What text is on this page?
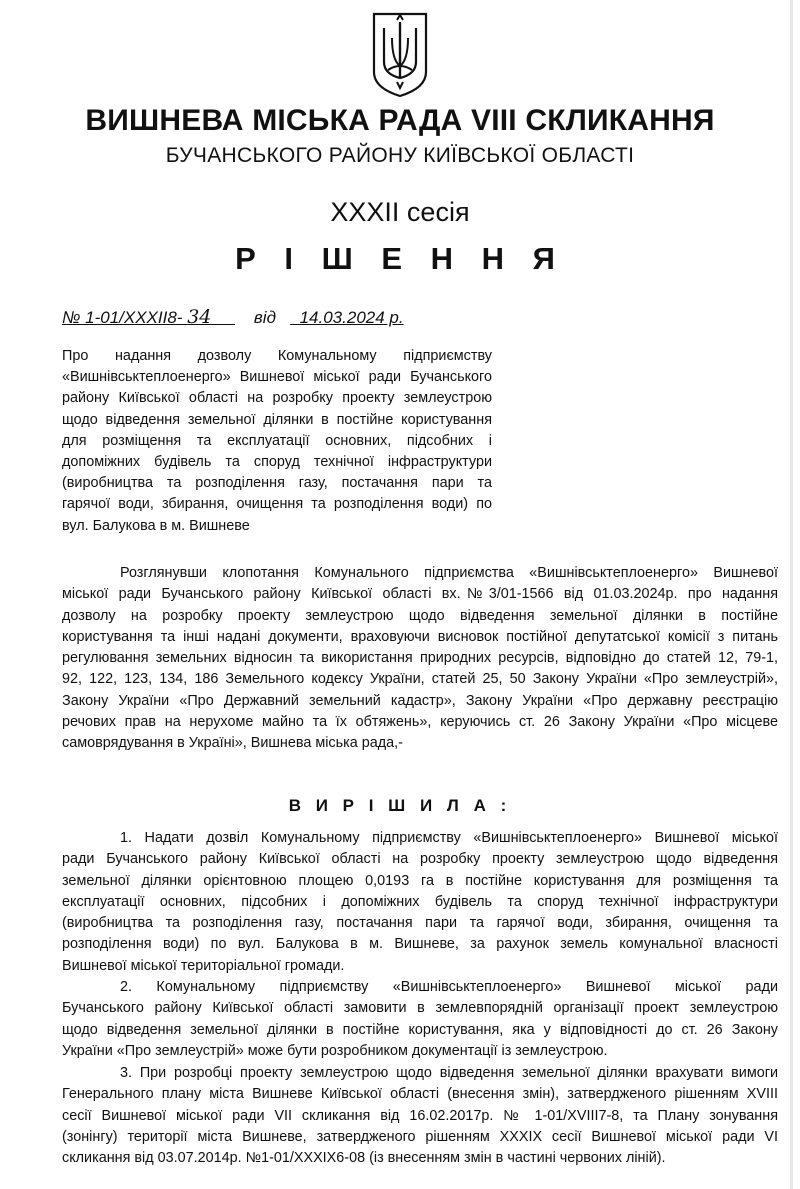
ВИШНЕВА МІСЬКА РАДА VIII СКЛИКАННЯ
БУЧАНСЬКОГО РАЙОНУ КИЇВСЬКОЇ ОБЛАСТІ
XXXII сесія
Р І Ш Е Н Н Я
№ 1-01/XXXII8- 34	від 14.03.2024 р.

Про надання дозволу Комунальному підприємству

«Вишнівськтеплоенерго» Вишневої міської ради Бучанського

району Київської області на розробку проекту землеустрою

щодо відведення земельної ділянки в постійне користування

для розміщення та експлуатації основних, підсобних і

допоміжних будівель та споруд технічної інфраструктури

(виробництва та розподілення газу, постачання пари та

гарячої води, збирання, очищення та розподілення води) по

вул. Балукова в м. Вишневе

Розглянувши клопотання Комунального підприємства «Вишнівськтеплоенерго» Вишневої

міської ради Бучанського району Київської області вх.№3/01-1566 від 01.03.2024р. про надання

дозволу на розробку проекту землеустрою щодо відведення земельної ділянки в постійне

користування та інші надані документи, враховуючи висновок постійної депутатської комісії з питань

регулювання земельних відносин та використання природних ресурсів, відповідно до статей 12, 79-1,

92, 122, 123, 134, 186 Земельного кодексу України, статей 25, 50 Закону України «Про землеустрій»,

Закону України «Про Державний земельний кадастр», Закону України «Про державну реєстрацію

речових прав на нерухоме майно та їх обтяжень», керуючись ст. 26 Закону України «Про місцеве

самоврядування в Україні», Вишнева міська рада,-

В И Р І Ш И Л А :

1. Надати дозвіл Комунальному підприємству «Вишнівськтеплоенерго» Вишневої міської

ради Бучанського району Київської області на розробку проекту землеустрою щодо відведення

земельної ділянки орієнтовною площею 0,0193 га в постійне користування для розміщення та

експлуатації основних, підсобних і допоміжних будівель та споруд технічної інфраструктури

(виробництва та розподілення газу, постачання пари та гарячої води, збирання, очищення та

розподілення води) по вул. Балукова в м. Вишневе, за рахунок земель комунальної власності

Вишневої міської територіальної громади.

2. Комунальному підприємству «Вишнівськтеплоенерго» Вишневої міської ради

Бучанського району Київської області замовити в землевпорядній організації проект землеустрою

щодо відведення земельної ділянки в постійне користування, яка у відповідності до ст. 26 Закону

України «Про землеустрій» може бути розробником документації із землеустрою.

3. При розробці проекту землеустрою щодо відведення земельної ділянки врахувати вимоги

Генерального плану міста Вишневе Київської області (внесення змін), затвердженого рішенням XVIII

сесії Вишневої міської ради VII скликання від 16.02.2017р. № 1-01/XVIII7-8, та Плану зонування

(зонінгу) території міста Вишневе, затвердженого рішенням XXXIX сесії Вишневої міської ради VI

скликання від 03.07.2014р. №1-01/XXXIX6-08 (із внесенням змін в частині червоних ліній).
